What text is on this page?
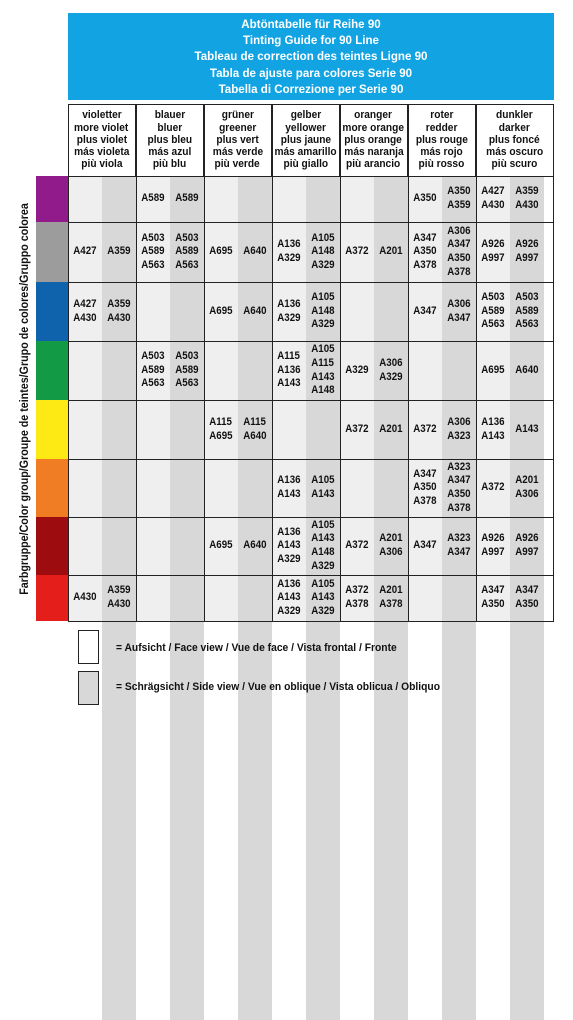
Abtöntabelle für Reihe 90
Tinting Guide for 90 Line
Tableau de correction des teintes Ligne 90
Tabla de ajuste para colores Serie 90
Tabella di Correzione per Serie 90
violetter
more violet
plus violet
más violeta
più viola
blauer
bluer
plus bleu
más azul
più blu
grüner
greener
plus vert
más verde
più verde
gelber
yellower
plus jaune
más amarillo
più giallo
oranger
more orange
plus orange
más naranja
più arancio
roter
redder
plus rouge
más rojo
più rosso
dunkler
darker
plus foncé
más oscuro
più scuro
Farbgruppe/Color group/Groupe de teintes/Grupo de colores/Gruppo colorea
A589 A589	A350
A350
A359
A427
A430
A359
A430
A427 A359
A503
A589
A563
A503
A589
A563
A695 A640
A136
A329
A105
A148
A329
A372 A201
A347
A350
A378
A306
A347
A350
A378
A926
A997
A926
A997
A427
A430
A359
A430
A695 A640
A136
A329
A105
A148
A329
A347
A306
A347
A503
A589
A563
A503
A589
A563
A503
A589
A563
A503
A589
A563
A115
A136
A143
A105
A115
A143
A148
A329
A306
A329
A695 A640
A115
A695
A115
A640
A372 A201 A372
A306
A323
A136
A143
A143
A136
A143
A105
A143
A347
A350
A378
A323
A347
A350
A378
A372
A201
A306
A695 A640
A136
A143
A329
A105
A143
A148
A329
A372
A201
A306
A347
A323
A347
A926
A997
A926
A997
A430
A359
A430
A136
A143
A329
A105
A143
A329
A372
A378
A201
A378
A347
A350
A347
A350
= Aufsicht / Face view / Vue de face / Vista frontal / Fronte
= Schrägsicht / Side view / Vue en oblique / Vista oblicua / Obliquo
